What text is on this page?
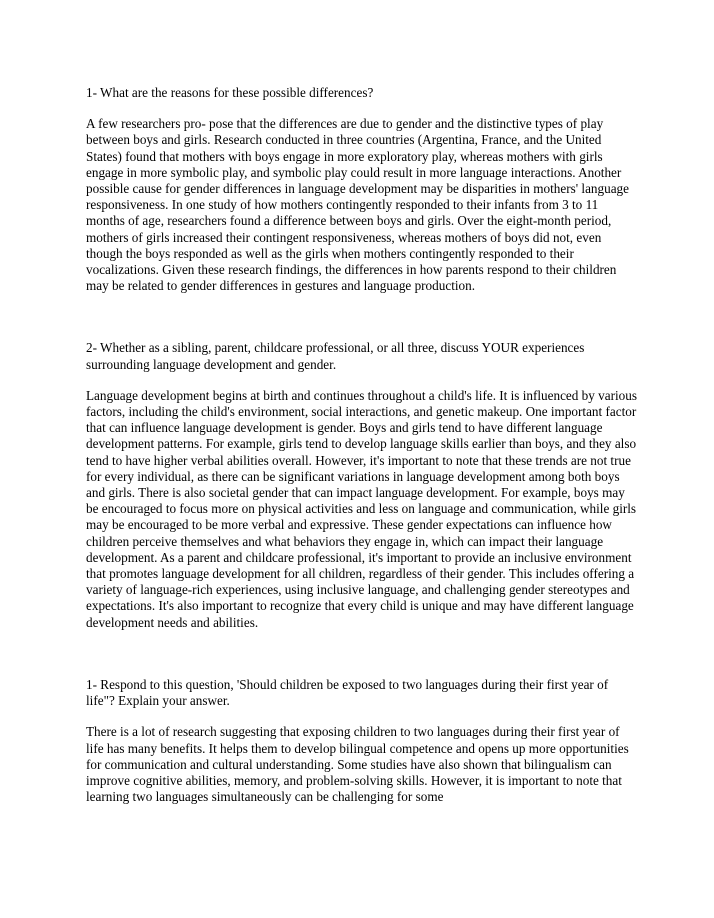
1- What are the reasons for these possible differences?

A few researchers pro- pose that the differences are due to gender and the distinctive types of play between boys and girls. Research conducted in three countries (Argentina, France, and the United States) found that mothers with boys engage in more exploratory play, whereas mothers with girls engage in more symbolic play, and symbolic play could result in more language interactions. Another possible cause for gender differences in language development may be disparities in mothers' language responsiveness. In one study of how mothers contingently responded to their infants from 3 to 11 months of age, researchers found a difference between boys and girls. Over the eight-month period, mothers of girls increased their contingent responsiveness, whereas mothers of boys did not, even though the boys responded as well as the girls when mothers contingently responded to their vocalizations. Given these research findings, the differences in how parents respond to their children may be related to gender differences in gestures and language production.

2- Whether as a sibling, parent, childcare professional, or all three, discuss YOUR experiences surrounding language development and gender.

Language development begins at birth and continues throughout a child's life. It is influenced by various factors, including the child's environment, social interactions, and genetic makeup. One important factor that can influence language development is gender. Boys and girls tend to have different language development patterns. For example, girls tend to develop language skills earlier than boys, and they also tend to have higher verbal abilities overall. However, it's important to note that these trends are not true for every individual, as there can be significant variations in language development among both boys and girls. There is also societal gender that can impact language development. For example, boys may be encouraged to focus more on physical activities and less on language and communication, while girls may be encouraged to be more verbal and expressive. These gender expectations can influence how children perceive themselves and what behaviors they engage in, which can impact their language development. As a parent and childcare professional, it's important to provide an inclusive environment that promotes language development for all children, regardless of their gender. This includes offering a variety of language-rich experiences, using inclusive language, and challenging gender stereotypes and expectations. It's also important to recognize that every child is unique and may have different language development needs and abilities.

1- Respond to this question, 'Should children be exposed to two languages during their first year of life"? Explain your answer.

There is a lot of research suggesting that exposing children to two languages during their first year of life has many benefits. It helps them to develop bilingual competence and opens up more opportunities for communication and cultural understanding. Some studies have also shown that bilingualism can improve cognitive abilities, memory, and problem-solving skills. However, it is important to note that learning two languages simultaneously can be challenging for some
